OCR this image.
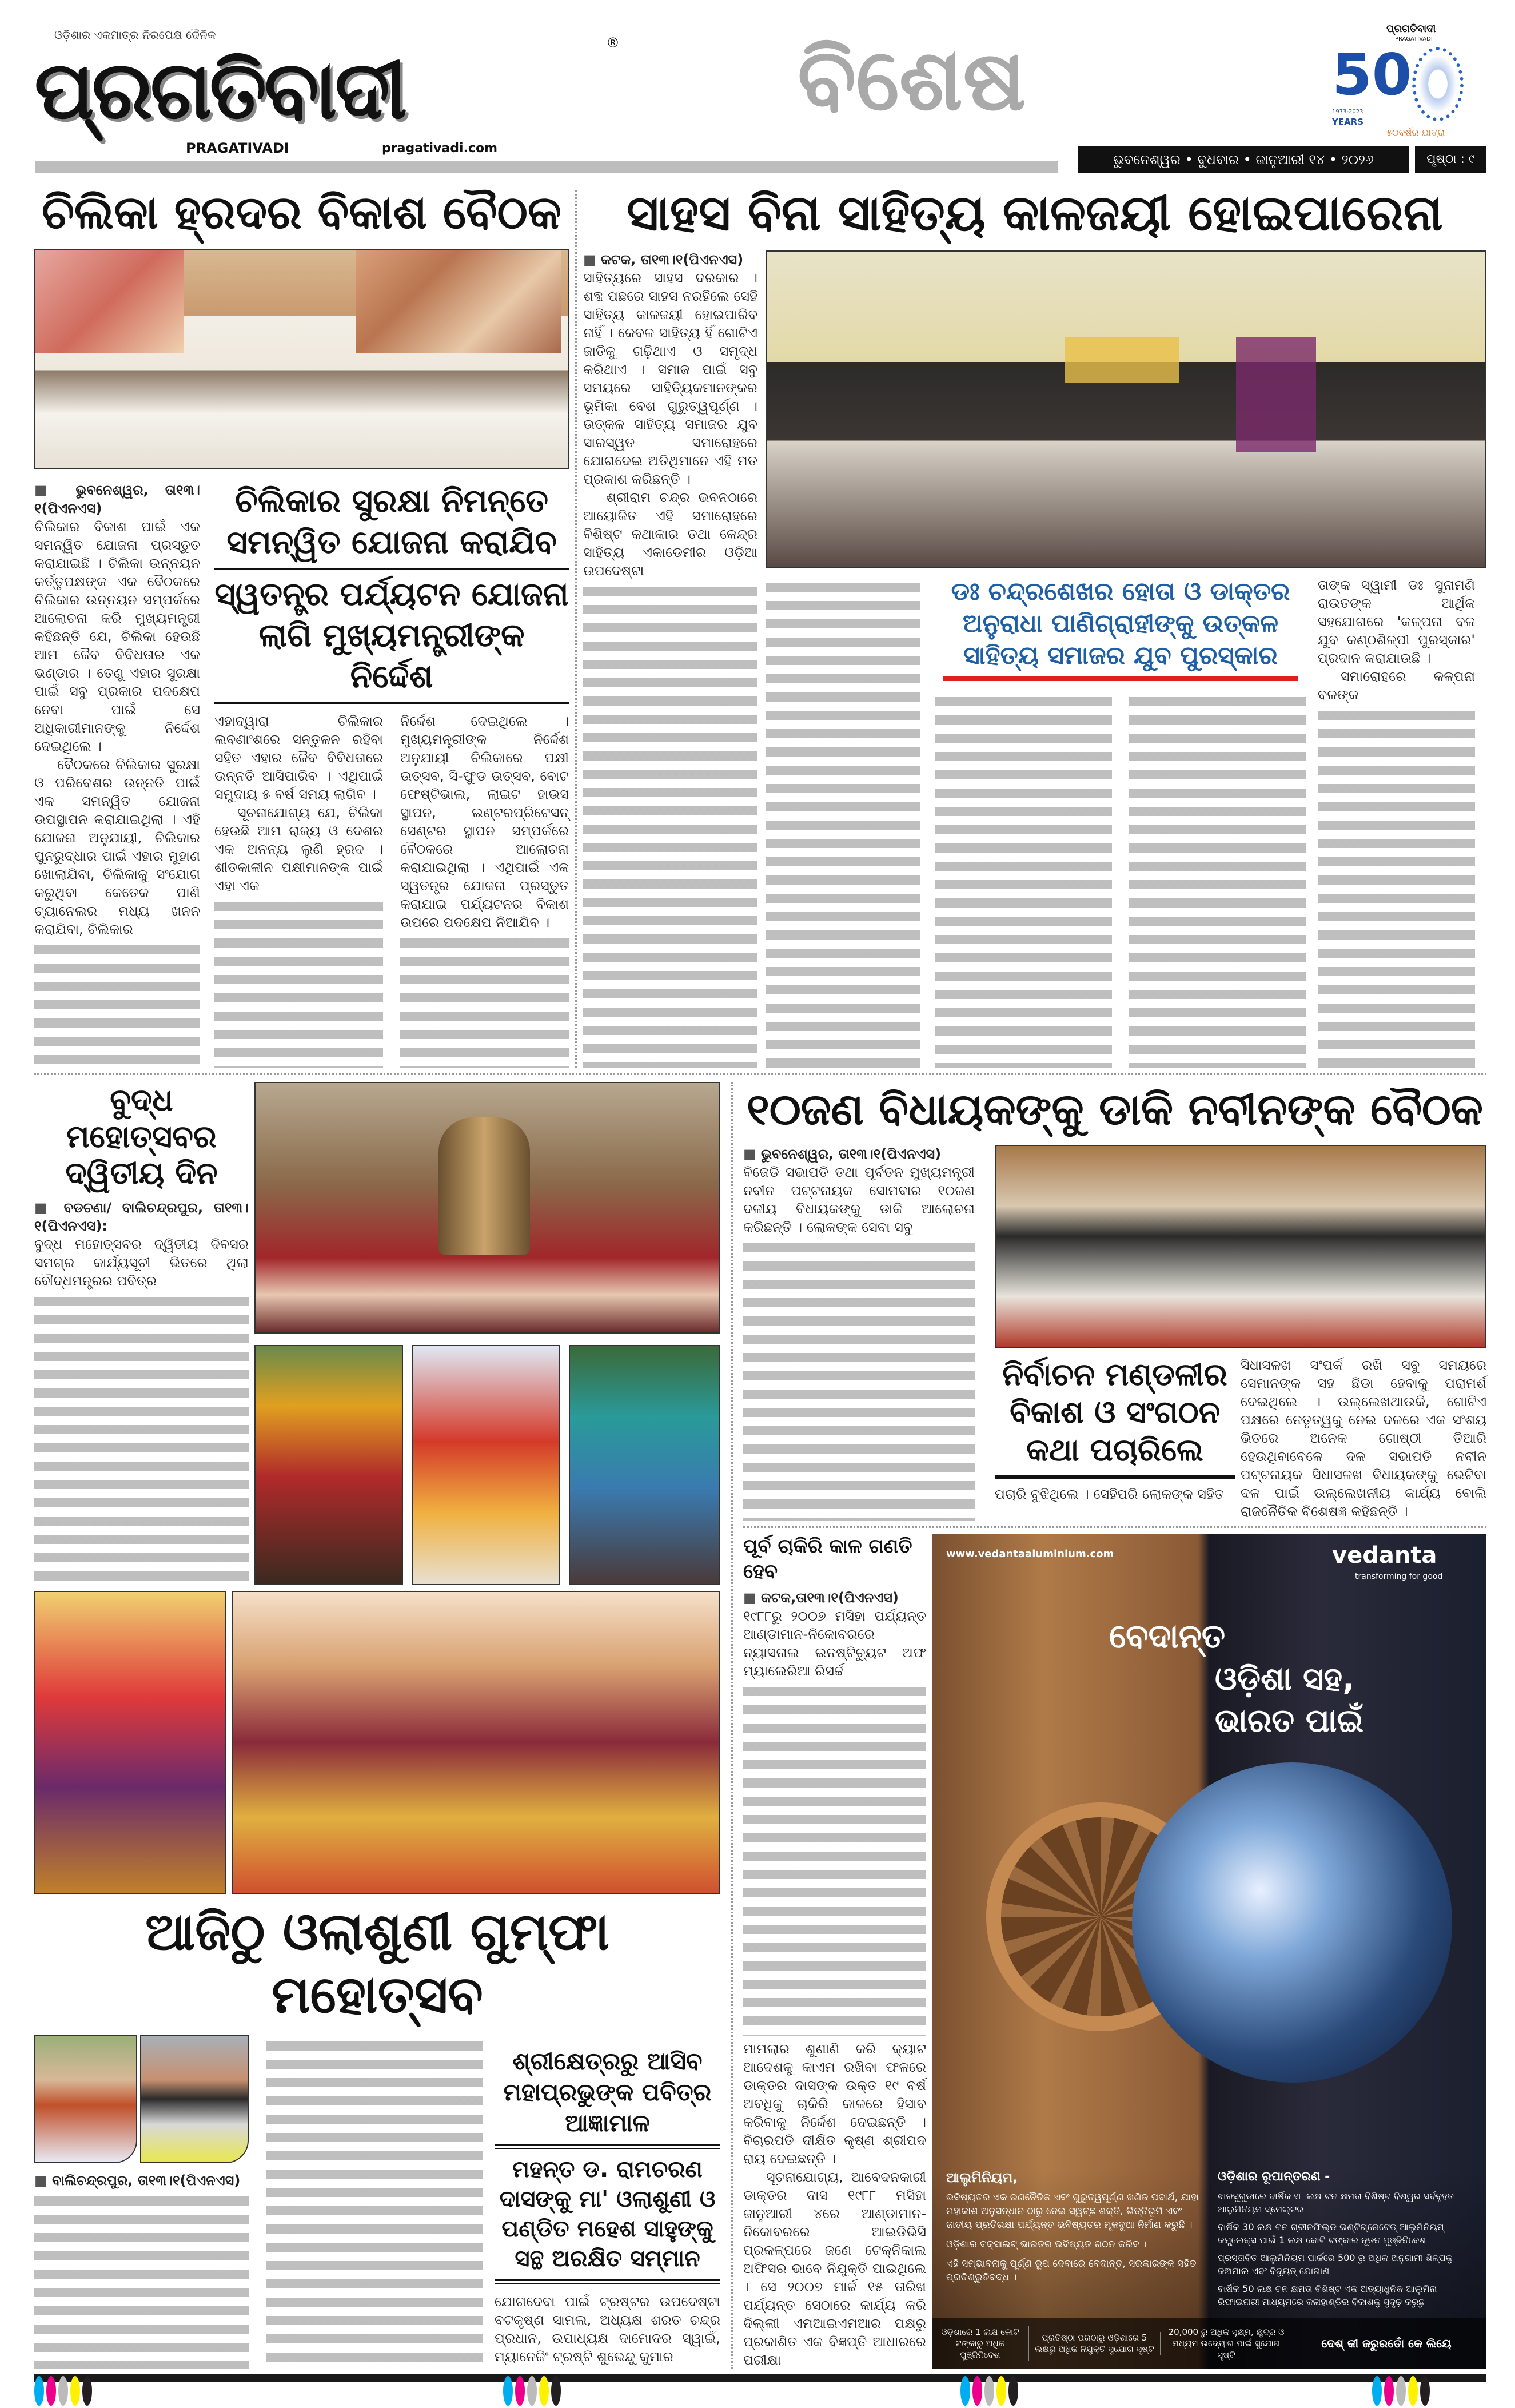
ଓଡ଼ିଶାର ଏକମାତ୍ର ନିରପେକ୍ଷ ଦୈନିକ
ପ୍ରଗତିବାଦୀ
®
PRAGATIVADI	pragativadi.com
ବିଶେଷ
ପ୍ରଗତିବାଦୀ
PRAGATIVADI
50
1973-2023
YEARS
୫୦ବର୍ଷର ଯାତ୍ରା
ଭୁବନେଶ୍ୱର • ବୁଧବାର • ଜାନୁଆରୀ ୧୪ • ୨୦୨୬	ପୃଷ୍ଠା : ୯
ଚିଲିକା ହ୍ରଦର ବିକାଶ ବୈଠକ
■ ଭୁବନେଶ୍ୱର, ତା୧୩।୧(ପିଏନଏସ)

ଚିଲିକାର ବିକାଶ ପାଇଁ ଏକ ସମନ୍ୱିତ ଯୋଜନା ପ୍ରସ୍ତୁତ କରାଯାଇଛି । ଚିଲିକା ଉନ୍ନୟନ କର୍ତ୍ତୃପକ୍ଷଙ୍କ ଏକ ବୈଠକରେ ଚିଲିକାର ଉନ୍ନୟନ ସମ୍ପର୍କରେ ଆଲୋଚନା କରି ମୁଖ୍ୟମନ୍ତ୍ରୀ କହିଛନ୍ତି ଯେ, ଚିଲିକା ହେଉଛି ଆମ ଜୈବ ବିବିଧତାର ଏକ ଭଣ୍ଡାର । ତେଣୁ ଏହାର ସୁରକ୍ଷା ପାଇଁ ସବୁ ପ୍ରକାର ପଦକ୍ଷେପ ନେବା ପାଇଁ ସେ ଅଧିକାରୀମାନଙ୍କୁ ନିର୍ଦ୍ଦେଶ ଦେଇଥିଲେ ।

ବୈଠକରେ ଚିଲିକାର ସୁରକ୍ଷା ଓ ପରିବେଶର ଉନ୍ନତି ପାଇଁ ଏକ ସମନ୍ୱିତ ଯୋଜନା ଉପସ୍ଥାପନ କରାଯାଇଥିଲା । ଏହି ଯୋଜନା ଅନୁଯାୟୀ, ଚିଲିକାର ପୁନରୁଦ୍ଧାର ପାଇଁ ଏହାର ମୁହାଣ ଖୋଲାଯିବା, ଚିଲିକାକୁ ସଂଯୋଗ କରୁଥିବା କେତେକ ପାଣି ଚ୍ୟାନେଲର ମଧ୍ୟ ଖନନ କରାଯିବା, ଚିଲିକାର

ଚିଲିକାର ସୁରକ୍ଷା ନିମନ୍ତେ ସମନ୍ୱିତ ଯୋଜନା କରାଯିବ
ସ୍ୱତନ୍ତ୍ର ପର୍ଯ୍ୟଟନ ଯୋଜନା ଲାଗି ମୁଖ୍ୟମନ୍ତ୍ରୀଙ୍କ ନିର୍ଦ୍ଦେଶ

ଏହାଦ୍ୱାରା ଚିଲିକାର ଲବଣାଂଶରେ ସନ୍ତୁଳନ ରହିବା ସହିତ ଏହାର ଜୈବ ବିବିଧତାରେ ଉନ୍ନତି ଆସିପାରିବ । ଏଥିପାଇଁ ସମୁଦାୟ ୫ ବର୍ଷ ସମୟ ଲାଗିବ ।

ସୂଚନାଯୋଗ୍ୟ ଯେ, ଚିଲିକା ହେଉଛି ଆମ ରାଜ୍ୟ ଓ ଦେଶର ଏକ ଅନନ୍ୟ ଲୁଣି ହ୍ରଦ । ଶୀତକାଳୀନ ପକ୍ଷୀମାନଙ୍କ ପାଇଁ ଏହା ଏକ

ନିର୍ଦ୍ଦେଶ ଦେଇଥିଲେ । ମୁଖ୍ୟମନ୍ତ୍ରୀଙ୍କ ନିର୍ଦ୍ଦେଶ ଅନୁଯାୟୀ ଚିଲିକାରେ ପକ୍ଷୀ ଉତ୍ସବ, ସି-ଫୁଡ ଉତ୍ସବ, ବୋଟ ଫେଷ୍ଟିଭାଲ, ଲାଇଟ ହାଉସ ସ୍ଥାପନ, ଇଣ୍ଟରପ୍ରିଟେସନ୍ ସେଣ୍ଟର ସ୍ଥାପନ ସମ୍ପର୍କରେ ବୈଠକରେ ଆଲୋଚନା କରାଯାଇଥିଲା । ଏଥିପାଇଁ ଏକ ସ୍ୱତନ୍ତ୍ର ଯୋଜନା ପ୍ରସ୍ତୁତ କରାଯାଇ ପର୍ଯ୍ୟଟନର ବିକାଶ ଉପରେ ପଦକ୍ଷେପ ନିଆଯିବ ।

ସାହସ ବିନା ସାହିତ୍ୟ କାଳଜୟୀ ହୋଇପାରେନା
■ କଟକ, ତା୧୩।୧(ପିଏନଏସ)

ସାହିତ୍ୟରେ ସାହସ ଦରକାର । ଶବ୍ଦ ପଛରେ ସାହସ ନରହିଲେ ସେହି ସାହିତ୍ୟ କାଳଜୟୀ ହୋଇପାରିବ ନାହିଁ । କେବଳ ସାହିତ୍ୟ ହିଁ ଗୋଟିଏ ଜାତିକୁ ଗଢ଼ିଥାଏ ଓ ସମୃଦ୍ଧ କରିଥାଏ । ସମାଜ ପାଇଁ ସବୁ ସମୟରେ ସାହିତ୍ୟିକମାନଙ୍କର ଭୂମିକା ବେଶ ଗୁରୁତ୍ୱପୂର୍ଣ୍ଣ । ଉତ୍କଳ ସାହିତ୍ୟ ସମାଜର ଯୁବ ସାରସ୍ୱତ ସମାରୋହରେ ଯୋଗଦେଇ ଅତିଥିମାନେ ଏହି ମତ ପ୍ରକାଶ କରିଛନ୍ତି ।

ଶ୍ରୀରାମ ଚନ୍ଦ୍ର ଭବନଠାରେ ଆୟୋଜିତ ଏହି ସମାରୋହରେ ବିଶିଷ୍ଟ କଥାକାର ତଥା କେନ୍ଦ୍ର ସାହିତ୍ୟ ଏକାଡେମୀର ଓଡ଼ିଆ ଉପଦେଷ୍ଟା

ଡଃ ଚନ୍ଦ୍ରଶେଖର ହୋତା ଓ ଡାକ୍ତର ଅନୁରାଧା ପାଣିଗ୍ରାହୀଙ୍କୁ ଉତ୍କଳ ସାହିତ୍ୟ ସମାଜର ଯୁବ ପୁରସ୍କାର

ତାଙ୍କ ସ୍ୱାମୀ ଡଃ ସୁନାମଣି ରାଉତଙ୍କ ଆର୍ଥିକ ସହଯୋଗରେ 'କଳ୍ପନା ବଳ ଯୁବ କଣ୍ଠଶିଳ୍ପୀ ପୁରସ୍କାର' ପ୍ରଦାନ କରାଯାଉଛି ।

ସମାରୋହରେ କଳ୍ପନା ବଳଙ୍କ

ବୁଦ୍ଧ ମହୋତ୍ସବର ଦ୍ୱିତୀୟ ଦିନ
■ ବଡଚଣା/ ବାଲିଚନ୍ଦ୍ରପୁର, ତା୧୩।୧(ପିଏନଏସ):
ବୁଦ୍ଧ ମହୋତ୍ସବର ଦ୍ୱିତୀୟ ଦିବସର ସମଗ୍ର କାର୍ଯ୍ୟସୂଚୀ ଭିତରେ ଥିଲା ବୌଦ୍ଧମନ୍ତ୍ରର ପବିତ୍ର
ଆଜିଠୁ ଓଲାଶୁଣୀ ଗୁମ୍ଫା ମହୋତ୍ସବ
■ ବାଲିଚନ୍ଦ୍ରପୁର, ତା୧୩।୧(ପିଏନଏସ)
ଶ୍ରୀକ୍ଷେତ୍ରରୁ ଆସିବ ମହାପ୍ରଭୁଙ୍କ ପବିତ୍ର ଆଜ୍ଞାମାଳ
ମହନ୍ତ ଡ. ରାମଚରଣ ଦାସଙ୍କୁ ମା' ଓଲାଶୁଣୀ ଓ ପଣ୍ଡିତ ମହେଶ ସାହୁଙ୍କୁ ସନ୍ଥ ଅରକ୍ଷିତ ସମ୍ମାନ
ଯୋଗଦେବା ପାଇଁ ଟ୍ରଷ୍ଟର ଉପଦେଷ୍ଟା ବଟକୃଷ୍ଣ ସାମଲ, ଅଧ୍ୟକ୍ଷ ଶରତ ଚନ୍ଦ୍ର ପ୍ରଧାନ, ଉପାଧ୍ୟକ୍ଷ ଦାମୋଦର ସ୍ୱାଇଁ, ମ୍ୟାନେଜିଂ ଟ୍ରଷ୍ଟି ଶୁଭେନ୍ଦୁ କୁମାର
୧୦ଜଣ ବିଧାୟକଙ୍କୁ ଡାକି ନବୀନଙ୍କ ବୈଠକ
■ ଭୁବନେଶ୍ୱର, ତା୧୩।୧(ପିଏନଏସ)
ବିଜେଡି ସଭାପତି ତଥା ପୂର୍ବତନ ମୁଖ୍ୟମନ୍ତ୍ରୀ ନବୀନ ପଟ୍ଟନାୟକ ସୋମବାର ୧୦ଜଣ ଦଳୀୟ ବିଧାୟକଙ୍କୁ ଡାକି ଆଲୋଚନା କରିଛନ୍ତି । ଲୋକଙ୍କ ସେବା ସବୁ
ନିର୍ବାଚନ ମଣ୍ଡଳୀର ବିକାଶ ଓ ସଂଗଠନ କଥା ପଚାରିଲେ
ପଚାରି ବୁଝିଥିଲେ । ସେହିପରି ଲୋକଙ୍କ ସହିତ
ସିଧାସଳଖ ସଂପର୍କ ରଖି ସବୁ ସମୟରେ ସେମାନଙ୍କ ସହ ଛିଡା ହେବାକୁ ପରାମର୍ଶ ଦେଇଥିଲେ । ଉଲ୍ଲେଖଥାଉକି, ଗୋଟିଏ ପକ୍ଷରେ ନେତୃତ୍ୱକୁ ନେଇ ଦଳରେ ଏକ ସଂଶୟ ଭିତରେ ଅନେକ ଗୋଷ୍ଠୀ ତିଆରି ହେଉଥିବାବେଳେ ଦଳ ସଭାପତି ନବୀନ ପଟ୍ଟନାୟକ ସିଧାସଳଖ ବିଧାୟକଙ୍କୁ ଭେଟିବା ଦଳ ପାଇଁ ଉଲ୍ଲେଖନୀୟ କାର୍ଯ୍ୟ ବୋଲି ରାଜନୈତିକ ବିଶେଷଜ୍ଞ କହିଛନ୍ତି ।
ପୂର୍ବ ଚାକିରି କାଳ ଗଣତି ହେବ
■ କଟକ,ତା୧୩।୧(ପିଏନଏସ)
୧୯୮୮ରୁ ୨୦୦୭ ମସିହା ପର୍ଯ୍ୟନ୍ତ ଆଣ୍ଡାମାନ-ନିକୋବରରେ ନ୍ୟାସନାଲ ଇନଷ୍ଟିଚ୍ୟୁଟ ଅଫ ମ୍ୟାଲେରିଆ ରିସର୍ଚ୍ଚ

ମାମଲାର ଶୁଣାଣି କରି କ୍ୟାଟ ଆଦେଶକୁ କାଏମ ରଖିବା ଫଳରେ ଡାକ୍ତର ଦାସଙ୍କ ଉକ୍ତ ୧୯ ବର୍ଷ ଅବଧିକୁ ଚାକିରି କାଳରେ ହିସାବ କରିବାକୁ ନିର୍ଦ୍ଦେଶ ଦେଇଛନ୍ତି । ବିଚାରପତି ଦୀକ୍ଷିତ କୃଷ୍ଣ ଶ୍ରୀପଦ ରାୟ ଦେଇଛନ୍ତି ।

ସୂଚନାଯୋଗ୍ୟ, ଆବେଦନକାରୀ ଡାକ୍ତର ଦାସ ୧୯୮୮ ମସିହା ଜାନୁଆରୀ ୪ରେ ଆଣ୍ଡାମାନ-ନିକୋବରରେ ଆଇଡିଭିସି ପ୍ରକଳ୍ପରେ ଜଣେ ଟେକ୍ନିକାଲ ଅଫିସର ଭାବେ ନିଯୁକ୍ତି ପାଇଥିଲେ । ସେ ୨୦୦୭ ମାର୍ଚ୍ଚ ୧୫ ତାରିଖ ପର୍ଯ୍ୟନ୍ତ ସେଠାରେ କାର୍ଯ୍ୟ କରି ଦିଲ୍ଲୀ ଏମଆଇଏମଆର ପକ୍ଷରୁ ପ୍ରକାଶିତ ଏକ ବିଜ୍ଞପ୍ତି ଆଧାରରେ ପରୀକ୍ଷା

www.vedantaaluminium.com	vedanta
transforming for good
ବେଦାନ୍ତ
ଓଡ଼ିଶା ସହ,
ଭାରତ ପାଇଁ
ଆଲୁମିନିୟମ,
ଭବିଷ୍ୟତର ଏକ ରଣନୈତିକ ଏବଂ ଗୁରୁତ୍ୱପୂର୍ଣ୍ଣ ଖଣିଜ ପଦାର୍ଥ, ଯାହା ମହାକାଶ ଅନୁସନ୍ଧାନ ଠାରୁ ନେଇ ସ୍ୱଚ୍ଛ ଶକ୍ତି, ଭିତ୍ତିଭୂମି ଏବଂ ଜାତୀୟ ପ୍ରତିରକ୍ଷା ପର୍ଯ୍ୟନ୍ତ ଭବିଷ୍ୟତର ମୂଳଦୁଆ ନିର୍ମାଣ କରୁଛି ।
ଓଡ଼ିଶାର ବକ୍ସାଇଟ୍ ଭାରତର ଭବିଷ୍ୟତ ଗଠନ କରିବ ।
ଏହି ସମ୍ଭାବନାକୁ ପୂର୍ଣ୍ଣ ରୂପ ଦେବାରେ ବେଦାନ୍ତ, ସରକାରଙ୍କ ସହିତ ପ୍ରତିଶ୍ରୁତିବଦ୍ଧ ।
ଓଡ଼ିଶାର ରୂପାନ୍ତରଣ -
ଝାରସୁଗୁଡାରେ ବାର୍ଷିକ ୧୮ ଲକ୍ଷ ଟନ କ୍ଷମତା ବିଶିଷ୍ଟ ବିଶ୍ୱର ସର୍ବବୃହତ ଆଲୁମିନିୟମ ସ୍ମେଲ୍ଟର
ବାର୍ଷିକ 30 ଲକ୍ଷ ଟନ ଗ୍ରୀନଫିଲ୍ଡ ଇଣ୍ଟିଗ୍ରେଟେଡ୍ ଆଲୁମିନିୟମ୍ କମ୍ପ୍ଲେକ୍ସ ପାଇଁ 1 ଲକ୍ଷ କୋଟି ଟଙ୍କାର ନୂତନ ପୁଞ୍ଜିନିବେଶ
ପ୍ରସ୍ତାବିତ ଆଲୁମିନିୟମ ପାର୍କରେ 500 ରୁ ଅଧିକ ଅନୁଗାମୀ ଶିଳ୍ପକୁ କଞ୍ଚାମାଲ ଏବଂ ବିଦ୍ୟୁତ୍ ଯୋଗାଣ
ବାର୍ଷିକ 50 ଲକ୍ଷ ଟନ କ୍ଷମତା ବିଶିଷ୍ଟ ଏକ ଅତ୍ୟାଧୁନିକ ଆଲୁମିନା ରିଫାଇନାରୀ ମାଧ୍ୟମରେ କଳାହାଣ୍ଡିର ବିକାଶକୁ ସୁଦୃଢ଼ କରୁଛୁ
ଓଡ଼ିଶାରେ 1 ଲକ୍ଷ କୋଟି ଟଙ୍କାରୁ ଅଧିକ ପୁଞ୍ଜିନିବେଶ
ପ୍ରତିଷ୍ଠା ପରଠାରୁ ଓଡ଼ିଶାରେ 5 ଲକ୍ଷରୁ ଅଧିକ ନିଯୁକ୍ତି ସୁଯୋଗ ସୃଷ୍ଟି
20,000 ରୁ ଅଧିକ ସୂକ୍ଷ୍ମ, କ୍ଷୁଦ୍ର ଓ ମଧ୍ୟମ ଉଦ୍ୟୋଗ ପାଇଁ ସୁଯୋଗ ସୃଷ୍ଟି
ଦେଶ୍ କୀ ଜରୁରତୋଁ କେ ଲିୟେ
